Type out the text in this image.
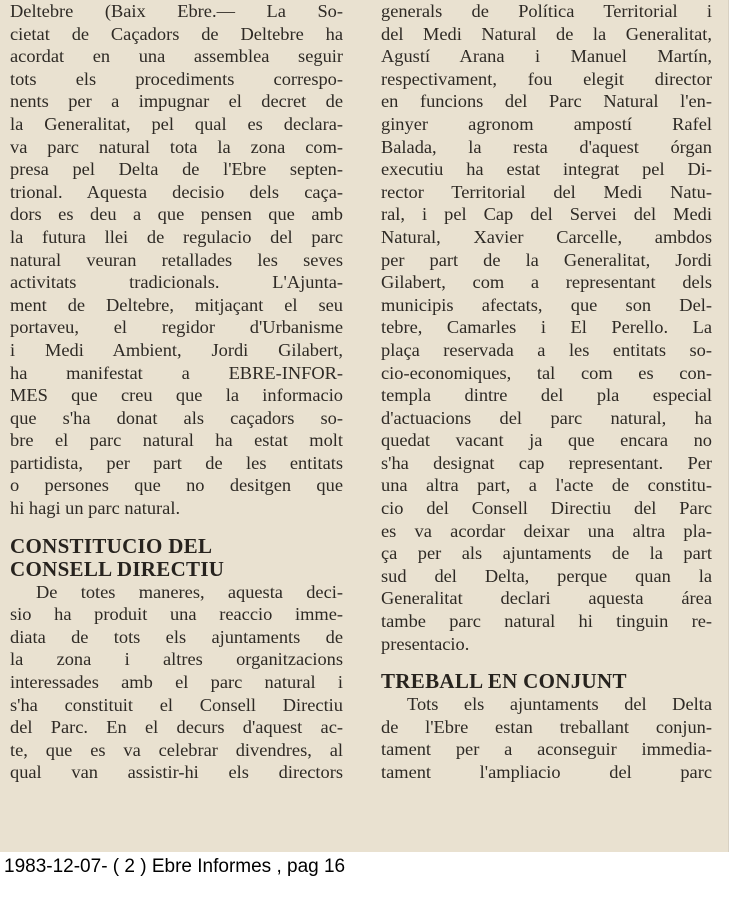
Deltebre (Baix Ebre.— La So-
cietat de Caçadors de Deltebre ha
acordat en una assemblea seguir
tots els procediments correspo-
nents per a impugnar el decret de
la Generalitat, pel qual es declara-
va parc natural tota la zona com-
presa pel Delta de l'Ebre septen-
trional. Aquesta decisio dels caça-
dors es deu a que pensen que amb
la futura llei de regulacio del parc
natural veuran retallades les seves
activitats tradicionals. L'Ajunta-
ment de Deltebre, mitjaçant el seu
portaveu, el regidor d'Urbanisme
i Medi Ambient, Jordi Gilabert,
ha manifestat a EBRE-INFOR-
MES que creu que la informacio
que s'ha donat als caçadors so-
bre el parc natural ha estat molt
partidista, per part de les entitats
o persones que no desitgen que
hi hagi un parc natural.
CONSTITUCIO DEL
CONSELL DIRECTIU
De totes maneres, aquesta deci-
sio ha produit una reaccio imme-
diata de tots els ajuntaments de
la zona i altres organitzacions
interessades amb el parc natural i
s'ha constituit el Consell Directiu
del Parc. En el decurs d'aquest ac-
te, que es va celebrar divendres, al
qual van assistir-hi els directors
generals de Política Territorial i
del Medi Natural de la Generalitat,
Agustí Arana i Manuel Martín,
respectivament, fou elegit director
en funcions del Parc Natural l'en-
ginyer agronom ampostí Rafel
Balada, la resta d'aquest órgan
executiu ha estat integrat pel Di-
rector Territorial del Medi Natu-
ral, i pel Cap del Servei del Medi
Natural, Xavier Carcelle, ambdos
per part de la Generalitat, Jordi
Gilabert, com a representant dels
municipis afectats, que son Del-
tebre, Camarles i El Perello. La
plaça reservada a les entitats so-
cio-economiques, tal com es con-
templa dintre del pla especial
d'actuacions del parc natural, ha
quedat vacant ja que encara no
s'ha designat cap representant. Per
una altra part, a l'acte de constitu-
cio del Consell Directiu del Parc
es va acordar deixar una altra pla-
ça per als ajuntaments de la part
sud del Delta, perque quan la
Generalitat declari aquesta área
tambe parc natural hi tinguin re-
presentacio.
TREBALL EN CONJUNT
Tots els ajuntaments del Delta
de l'Ebre estan treballant conjun-
tament per a aconseguir immedia-
tament l'ampliacio del parc
1983-12-07- ( 2 ) Ebre Informes , pag 16
